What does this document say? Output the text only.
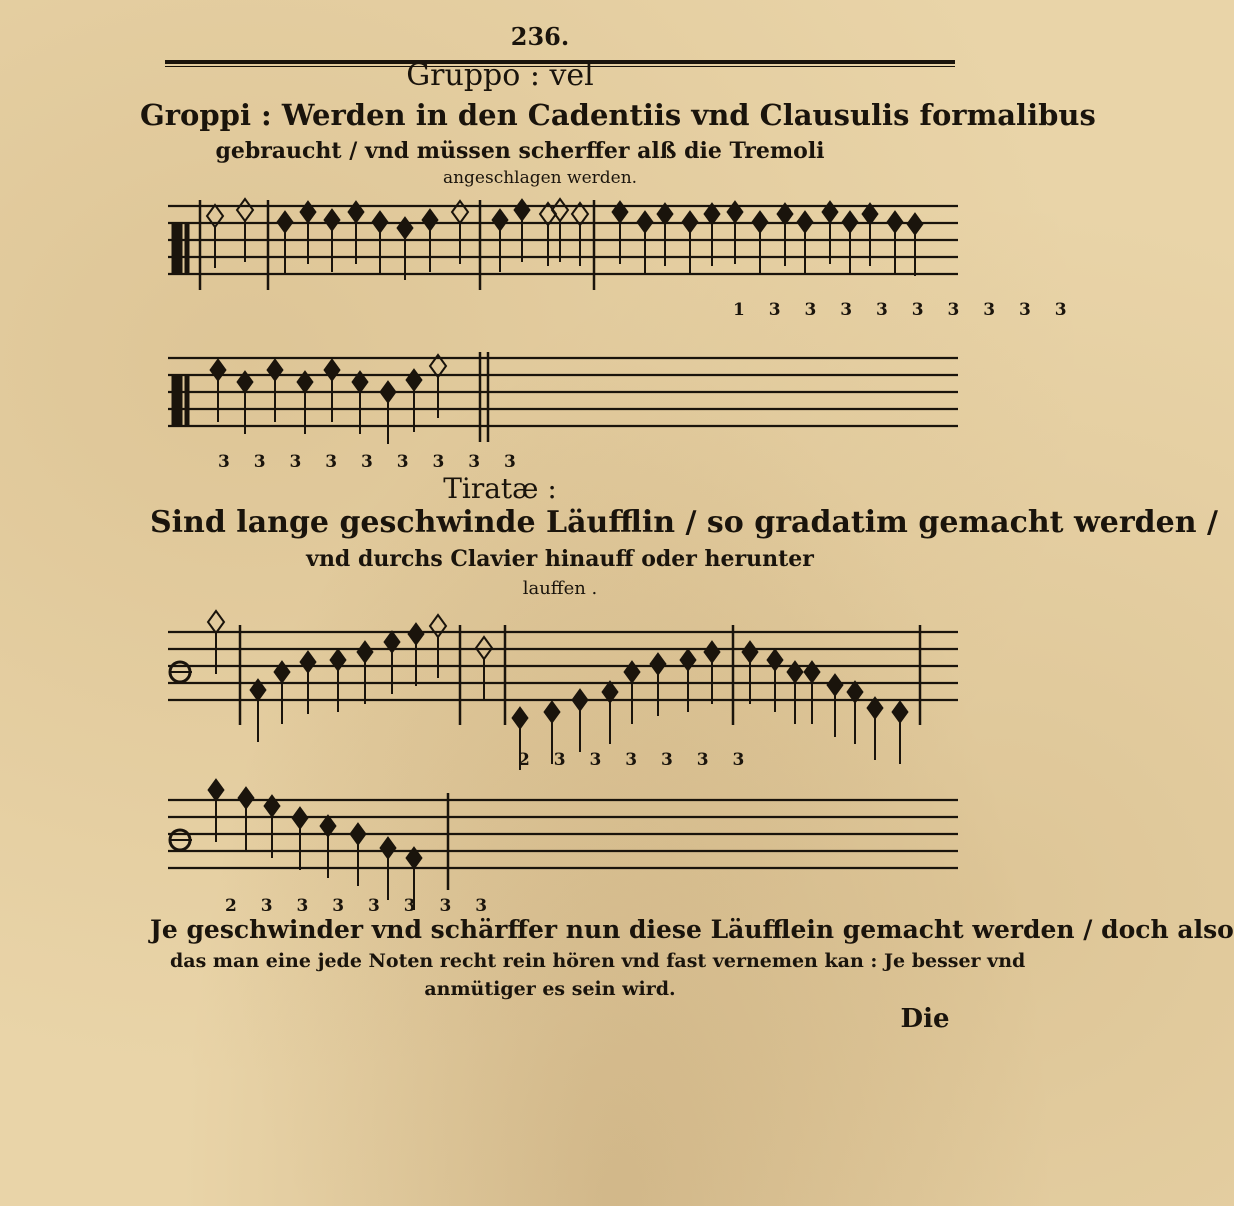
236.
Gruppo : vel
Groppi : Werden in den Cadentiis vnd Clausulis formalibus
gebraucht / vnd müssen scherffer alß die Tremoli
angeschlagen werden.
1 3 3 3 3 3 3 3 3 3
3 3 3 3 3 3 3 3 3
Tiratæ :
Sind lange geschwinde Läufflin / so gradatim gemacht werden /
vnd durchs Clavier hinauff oder herunter
lauffen .
2 3 3 3 3 3 3
2 3 3 3 3 3 3 3
Je geschwinder vnd schärffer nun diese Läufflein gemacht werden / doch also
das man eine jede Noten recht rein hören vnd fast vernemen kan : Je besser vnd
anmütiger es sein wird.
Die
